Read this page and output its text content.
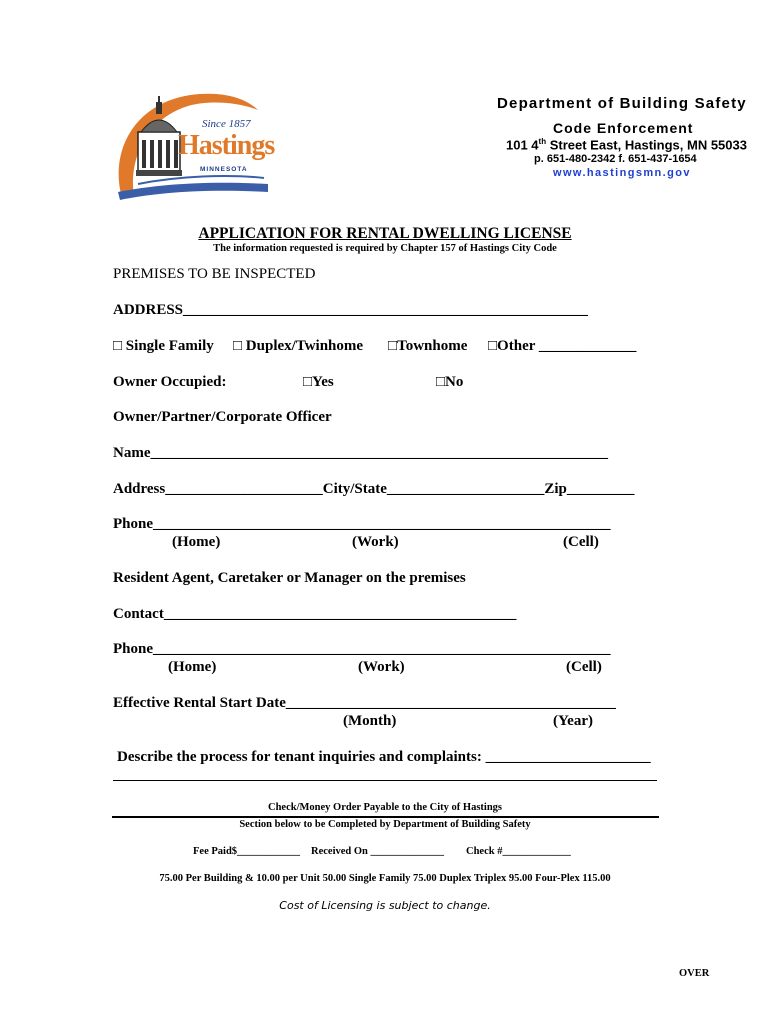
Since 1857
Hastings
MINNESOTA
Department of Building Safety
Code Enforcement
101 4th Street East, Hastings, MN 55033
p. 651-480-2342 f. 651-437-1654
www.hastingsmn.gov
APPLICATION FOR RENTAL DWELLING LICENSE
The information requested is required by Chapter 157 of Hastings City Code
PREMISES TO BE INSPECTED
ADDRESS______________________________________________________
□ Single Family □ Duplex/Twinhome □Townhome □Other _____________
Owner Occupied:	□Yes	□No
Owner/Partner/Corporate Officer
Name_____________________________________________________________
Address_____________________City/State_____________________Zip_________
Phone_____________________________________________________________
(Home)	(Work)	(Cell)
Resident Agent, Caretaker or Manager on the premises
Contact_______________________________________________
Phone_____________________________________________________________
(Home)	(Work)	(Cell)
Effective Rental Start Date____________________________________________
(Month)	(Year)
Describe the process for tenant inquiries and complaints: ______________________
Check/Money Order Payable to the City of Hastings
Section below to be Completed by Department of Building Safety
Fee Paid$____________ Received On ______________ Check #_____________
75.00 Per Building & 10.00 per Unit 50.00 Single Family 75.00 Duplex Triplex 95.00 Four-Plex 115.00
Cost of Licensing is subject to change.
OVER
